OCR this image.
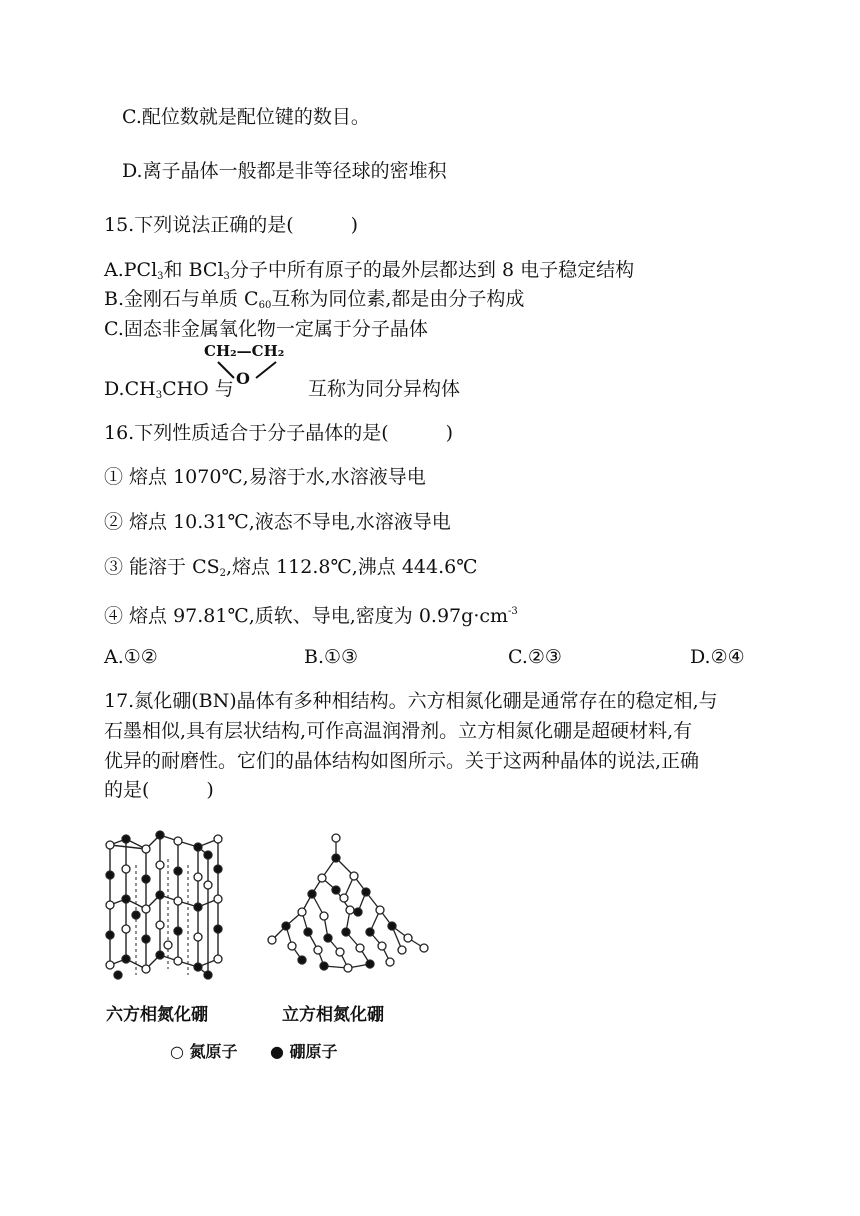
C.配位数就是配位键的数目。
D.离子晶体一般都是非等径球的密堆积
15.下列说法正确的是(　　　)
A.PCl$_3$和 BCl$_3$分子中所有原子的最外层都达到 8 电子稳定结构
B.金刚石与单质 $C_{60}$互称为同位素,都是由分子构成
C.固态非金属氧化物一定属于分子晶体
$D.CH_3CHO$ 与
CH₂—CH₂
O	互称为同分异构体
16.下列性质适合于分子晶体的是(　　　)
① 熔点 1070℃,易溶于水,水溶液导电
② 熔点 10.31℃,液态不导电,水溶液导电
③ 能溶于 $CS_2$,熔点 112.8℃,沸点 444.6℃
④ 熔点 97.81℃,质软、导电,密度为 $0.97g\cdot cm^{-3}$
A.①②	B.①③	C.②③	D.②④
17.氮化硼(BN)晶体有多种相结构。六方相氮化硼是通常存在的稳定相,与
石墨相似,具有层状结构,可作高温润滑剂。立方相氮化硼是超硬材料,有
优异的耐磨性。它们的晶体结构如图所示。关于这两种晶体的说法,正确
的是(　　　)
六方相氮化硼	立方相氮化硼
○ 氮原子 ● 硼原子
